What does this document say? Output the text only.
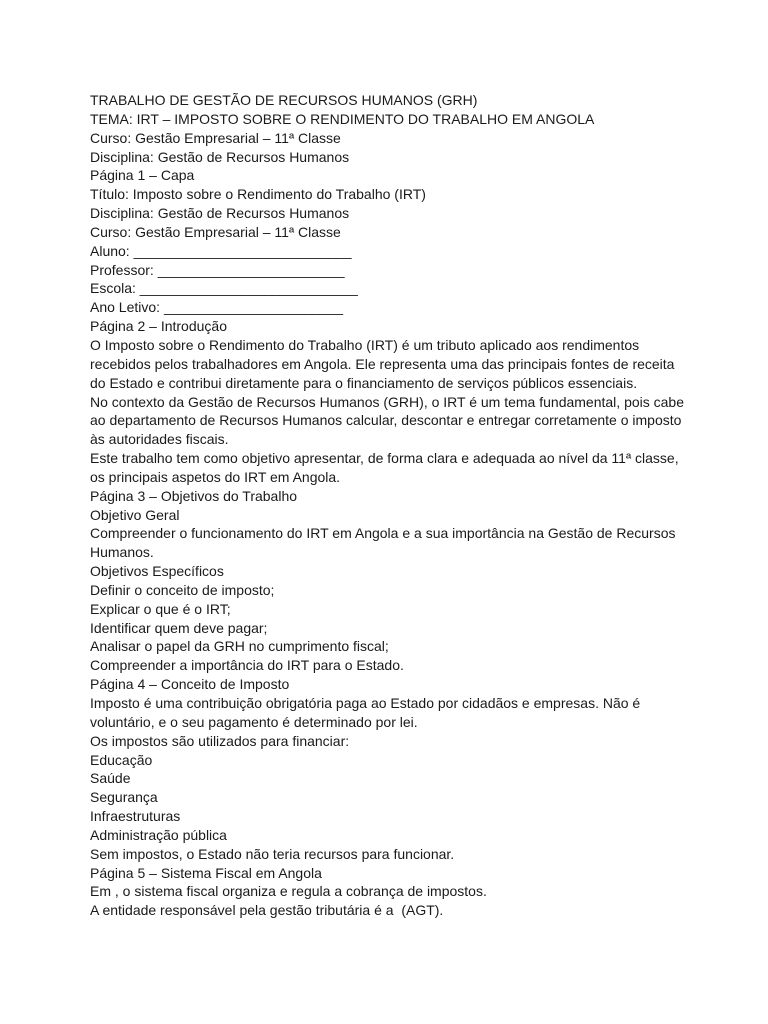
TRABALHO DE GESTÃO DE RECURSOS HUMANOS (GRH)
TEMA: IRT – IMPOSTO SOBRE O RENDIMENTO DO TRABALHO EM ANGOLA
Curso: Gestão Empresarial – 11ª Classe
Disciplina: Gestão de Recursos Humanos
Página 1 – Capa
Título: Imposto sobre o Rendimento do Trabalho (IRT)
Disciplina: Gestão de Recursos Humanos
Curso: Gestão Empresarial – 11ª Classe
Aluno: ____________________________
Professor: ________________________
Escola: ____________________________
Ano Letivo: _______________________
Página 2 – Introdução
O Imposto sobre o Rendimento do Trabalho (IRT) é um tributo aplicado aos rendimentos
recebidos pelos trabalhadores em Angola. Ele representa uma das principais fontes de receita
do Estado e contribui diretamente para o financiamento de serviços públicos essenciais.
No contexto da Gestão de Recursos Humanos (GRH), o IRT é um tema fundamental, pois cabe
ao departamento de Recursos Humanos calcular, descontar e entregar corretamente o imposto
às autoridades fiscais.
Este trabalho tem como objetivo apresentar, de forma clara e adequada ao nível da 11ª classe,
os principais aspetos do IRT em Angola.
Página 3 – Objetivos do Trabalho
Objetivo Geral
Compreender o funcionamento do IRT em Angola e a sua importância na Gestão de Recursos
Humanos.
Objetivos Específicos
Definir o conceito de imposto;
Explicar o que é o IRT;
Identificar quem deve pagar;
Analisar o papel da GRH no cumprimento fiscal;
Compreender a importância do IRT para o Estado.
Página 4 – Conceito de Imposto
Imposto é uma contribuição obrigatória paga ao Estado por cidadãos e empresas. Não é
voluntário, e o seu pagamento é determinado por lei.
Os impostos são utilizados para financiar:
Educação
Saúde
Segurança
Infraestruturas
Administração pública
Sem impostos, o Estado não teria recursos para funcionar.
Página 5 – Sistema Fiscal em Angola
Em , o sistema fiscal organiza e regula a cobrança de impostos.
A entidade responsável pela gestão tributária é a  (AGT).
